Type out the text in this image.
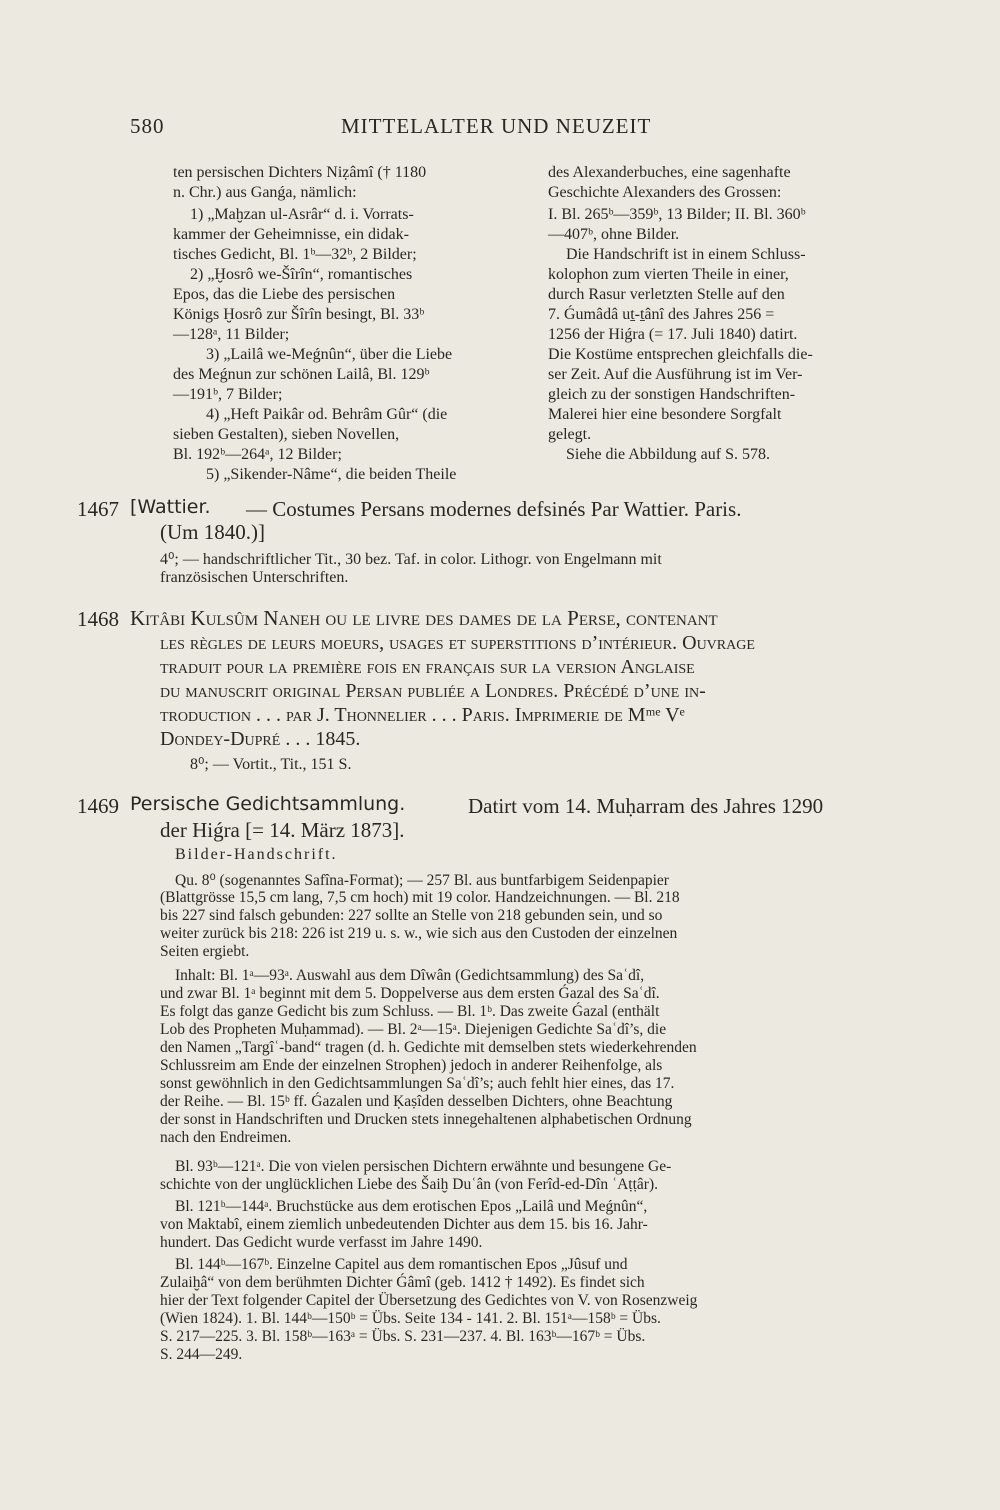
580	MITTELALTER UND NEUZEIT
ten persischen Dichters Niẓâmî († 1180
n. Chr.) aus Ganǵa, nämlich:
1) „Maḫzan ul-Asrâr“ d. i. Vorrats-
kammer der Geheimnisse, ein didak-
tisches Gedicht, Bl. 1ᵇ—32ᵇ, 2 Bilder;
2) „Ḫosrô we-Šîrîn“, romantisches
Epos, das die Liebe des persischen
Königs Ḫosrô zur Šîrîn besingt, Bl. 33ᵇ
—128ᵃ, 11 Bilder;
3) „Lailâ we-Meǵnûn“, über die Liebe
des Meǵnun zur schönen Lailâ, Bl. 129ᵇ
—191ᵇ, 7 Bilder;
4) „Heft Paikâr od. Behrâm Gûr“ (die
sieben Gestalten), sieben Novellen,
Bl. 192ᵇ—264ᵃ, 12 Bilder;
5) „Sikender-Nâme“, die beiden Theile
des Alexanderbuches, eine sagenhafte
Geschichte Alexanders des Grossen:
I. Bl. 265ᵇ—359ᵇ, 13 Bilder; II. Bl. 360ᵇ
—407ᵇ, ohne Bilder.
Die Handschrift ist in einem Schluss-
kolophon zum vierten Theile in einer,
durch Rasur verletzten Stelle auf den
7. Ǵumâdâ uṯ-ṯânî des Jahres 256 =
1256 der Hiǵra (= 17. Juli 1840) datirt.
Die Kostüme entsprechen gleichfalls die-
ser Zeit. Auf die Ausführung ist im Ver-
gleich zu der sonstigen Handschriften-
Malerei hier eine besondere Sorgfalt
gelegt.
Siehe die Abbildung auf S. 578.
1467 [Wattier. — Costumes Persans modernes defsinés Par Wattier. Paris.
(Um 1840.)]
4⁰; — handschriftlicher Tit., 30 bez. Taf. in color. Lithogr. von Engelmann mit
französischen Unterschriften.
1468 Kitâbi Kulsûm Naneh ou le livre des dames de la Perse, contenant
les règles de leurs moeurs, usages et superstitions d’intérieur. Ouvrage
traduit pour la première fois en français sur la version Anglaise
du manuscrit original Persan publiée a Londres. Précédé d’une in-
troduction . . . par J. Thonnelier . . . Paris. Imprimerie de Mᵐᵉ Vᵉ
Dondey-Dupré . . . 1845.
8⁰; — Vortit., Tit., 151 S.
1469 Persische Gedichtsammlung.	Datirt vom 14. Muḥarram des Jahres 1290
der Hiǵra [= 14. März 1873].
Bilder-Handschrift.
Qu. 8⁰ (sogenanntes Safîna-Format); — 257 Bl. aus buntfarbigem Seidenpapier
(Blattgrösse 15,5 cm lang, 7,5 cm hoch) mit 19 color. Handzeichnungen. — Bl. 218
bis 227 sind falsch gebunden: 227 sollte an Stelle von 218 gebunden sein, und so
weiter zurück bis 218: 226 ist 219 u. s. w., wie sich aus den Custoden der einzelnen
Seiten ergiebt.
Inhalt: Bl. 1ᵃ—93ᵃ. Auswahl aus dem Dîwân (Gedichtsammlung) des Saʿdî,
und zwar Bl. 1ᵃ beginnt mit dem 5. Doppelverse aus dem ersten Ǵazal des Saʿdî.
Es folgt das ganze Gedicht bis zum Schluss. — Bl. 1ᵇ. Das zweite Ǵazal (enthält
Lob des Propheten Muḥammad). — Bl. 2ᵃ—15ᵃ. Diejenigen Gedichte Saʿdî’s, die
den Namen „Targîʿ-band“ tragen (d. h. Gedichte mit demselben stets wiederkehrenden
Schlussreim am Ende der einzelnen Strophen) jedoch in anderer Reihenfolge, als
sonst gewöhnlich in den Gedichtsammlungen Saʿdî’s; auch fehlt hier eines, das 17.
der Reihe. — Bl. 15ᵇ ff. Ǵazalen und Ḳaṣîden desselben Dichters, ohne Beachtung
der sonst in Handschriften und Drucken stets innegehaltenen alphabetischen Ordnung
nach den Endreimen.
Bl. 93ᵇ—121ᵃ. Die von vielen persischen Dichtern erwähnte und besungene Ge-
schichte von der unglücklichen Liebe des Šaiḫ Duʿân (von Ferîd-ed-Dîn ʿAṭṭâr).
Bl. 121ᵇ—144ᵃ. Bruchstücke aus dem erotischen Epos „Lailâ und Meǵnûn“,
von Maktabî, einem ziemlich unbedeutenden Dichter aus dem 15. bis 16. Jahr-
hundert. Das Gedicht wurde verfasst im Jahre 1490.
Bl. 144ᵇ—167ᵇ. Einzelne Capitel aus dem romantischen Epos „Jûsuf und
Zulaiḫâ“ von dem berühmten Dichter Ǵâmî (geb. 1412 † 1492). Es findet sich
hier der Text folgender Capitel der Übersetzung des Gedichtes von V. von Rosenzweig
(Wien 1824). 1. Bl. 144ᵇ—150ᵇ = Übs. Seite 134 - 141. 2. Bl. 151ᵃ—158ᵇ = Übs.
S. 217—225. 3. Bl. 158ᵇ—163ᵃ = Übs. S. 231—237. 4. Bl. 163ᵇ—167ᵇ = Übs.
S. 244—249.
